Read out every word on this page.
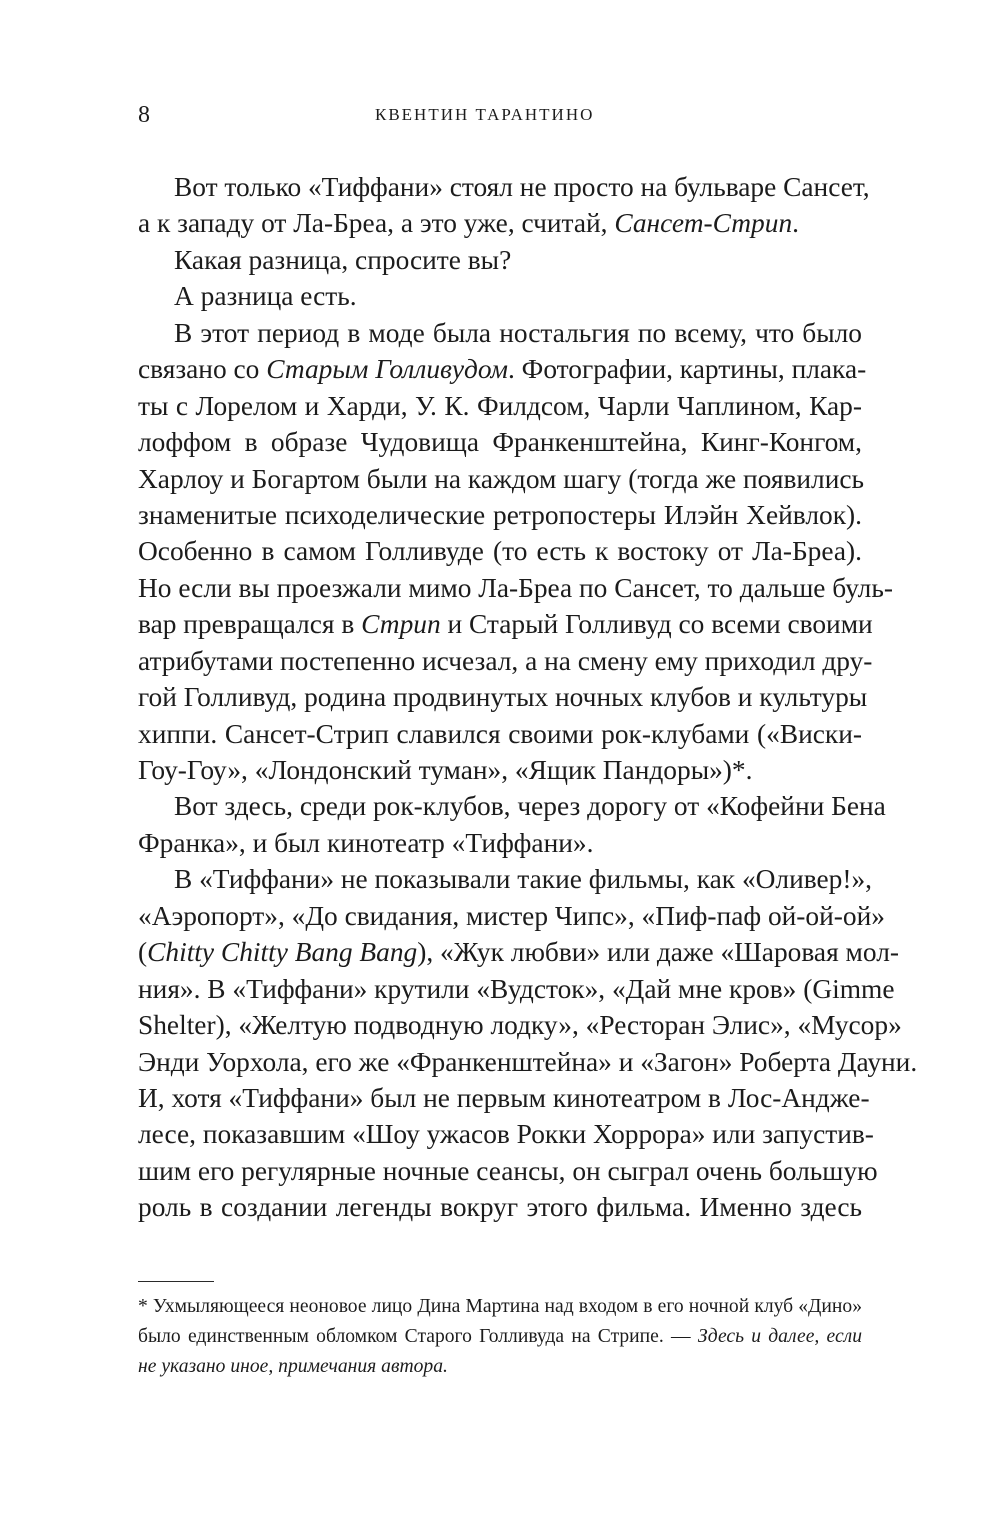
8	КВЕНТИН ТАРАНТИНО
Вот только «Тиффани» стоял не просто на бульваре Сансет,
а к западу от Ла-Бреа, а это уже, считай, Сансет-Стрип.
Какая разница, спросите вы?
А разница есть.
В этот период в моде была ностальгия по всему, что было
связано со Старым Голливудом. Фотографии, картины, плака-
ты с Лорелом и Харди, У. К. Филдсом, Чарли Чаплином, Кар-
лоффом в образе Чудовища Франкенштейна, Кинг-Конгом,
Харлоу и Богартом были на каждом шагу (тогда же появились
знаменитые психоделические ретропостеры Илэйн Хейвлок).
Особенно в самом Голливуде (то есть к востоку от Ла-Бреа).
Но если вы проезжали мимо Ла-Бреа по Сансет, то дальше буль-
вар превращался в Стрип и Старый Голливуд со всеми своими
атрибутами постепенно исчезал, а на смену ему приходил дру-
гой Голливуд, родина продвинутых ночных клубов и культуры
хиппи. Сансет-Стрип славился своими рок-клубами («Виски-
Гоу-Гоу», «Лондонский туман», «Ящик Пандоры»)*.
Вот здесь, среди рок-клубов, через дорогу от «Кофейни Бена
Франка», и был кинотеатр «Тиффани».
В «Тиффани» не показывали такие фильмы, как «Оливер!»,
«Аэропорт», «До свидания, мистер Чипс», «Пиф-паф ой-ой-ой»
(Chitty Chitty Bang Bang), «Жук любви» или даже «Шаровая мол-
ния». В «Тиффани» крутили «Вудсток», «Дай мне кров» (Gimme
Shelter), «Желтую подводную лодку», «Ресторан Элис», «Мусор»
Энди Уорхола, его же «Франкенштейна» и «Загон» Роберта Дауни.
И, хотя «Тиффани» был не первым кинотеатром в Лос-Андже-
лесе, показавшим «Шоу ужасов Рокки Хоррора» или запустив-
шим его регулярные ночные сеансы, он сыграл очень большую
роль в создании легенды вокруг этого фильма. Именно здесь
* Ухмыляющееся неоновое лицо Дина Мартина над входом в его ночной клуб «Дино»
было единственным обломком Старого Голливуда на Стрипе. — Здесь и далее, если
не указано иное, примечания автора.
